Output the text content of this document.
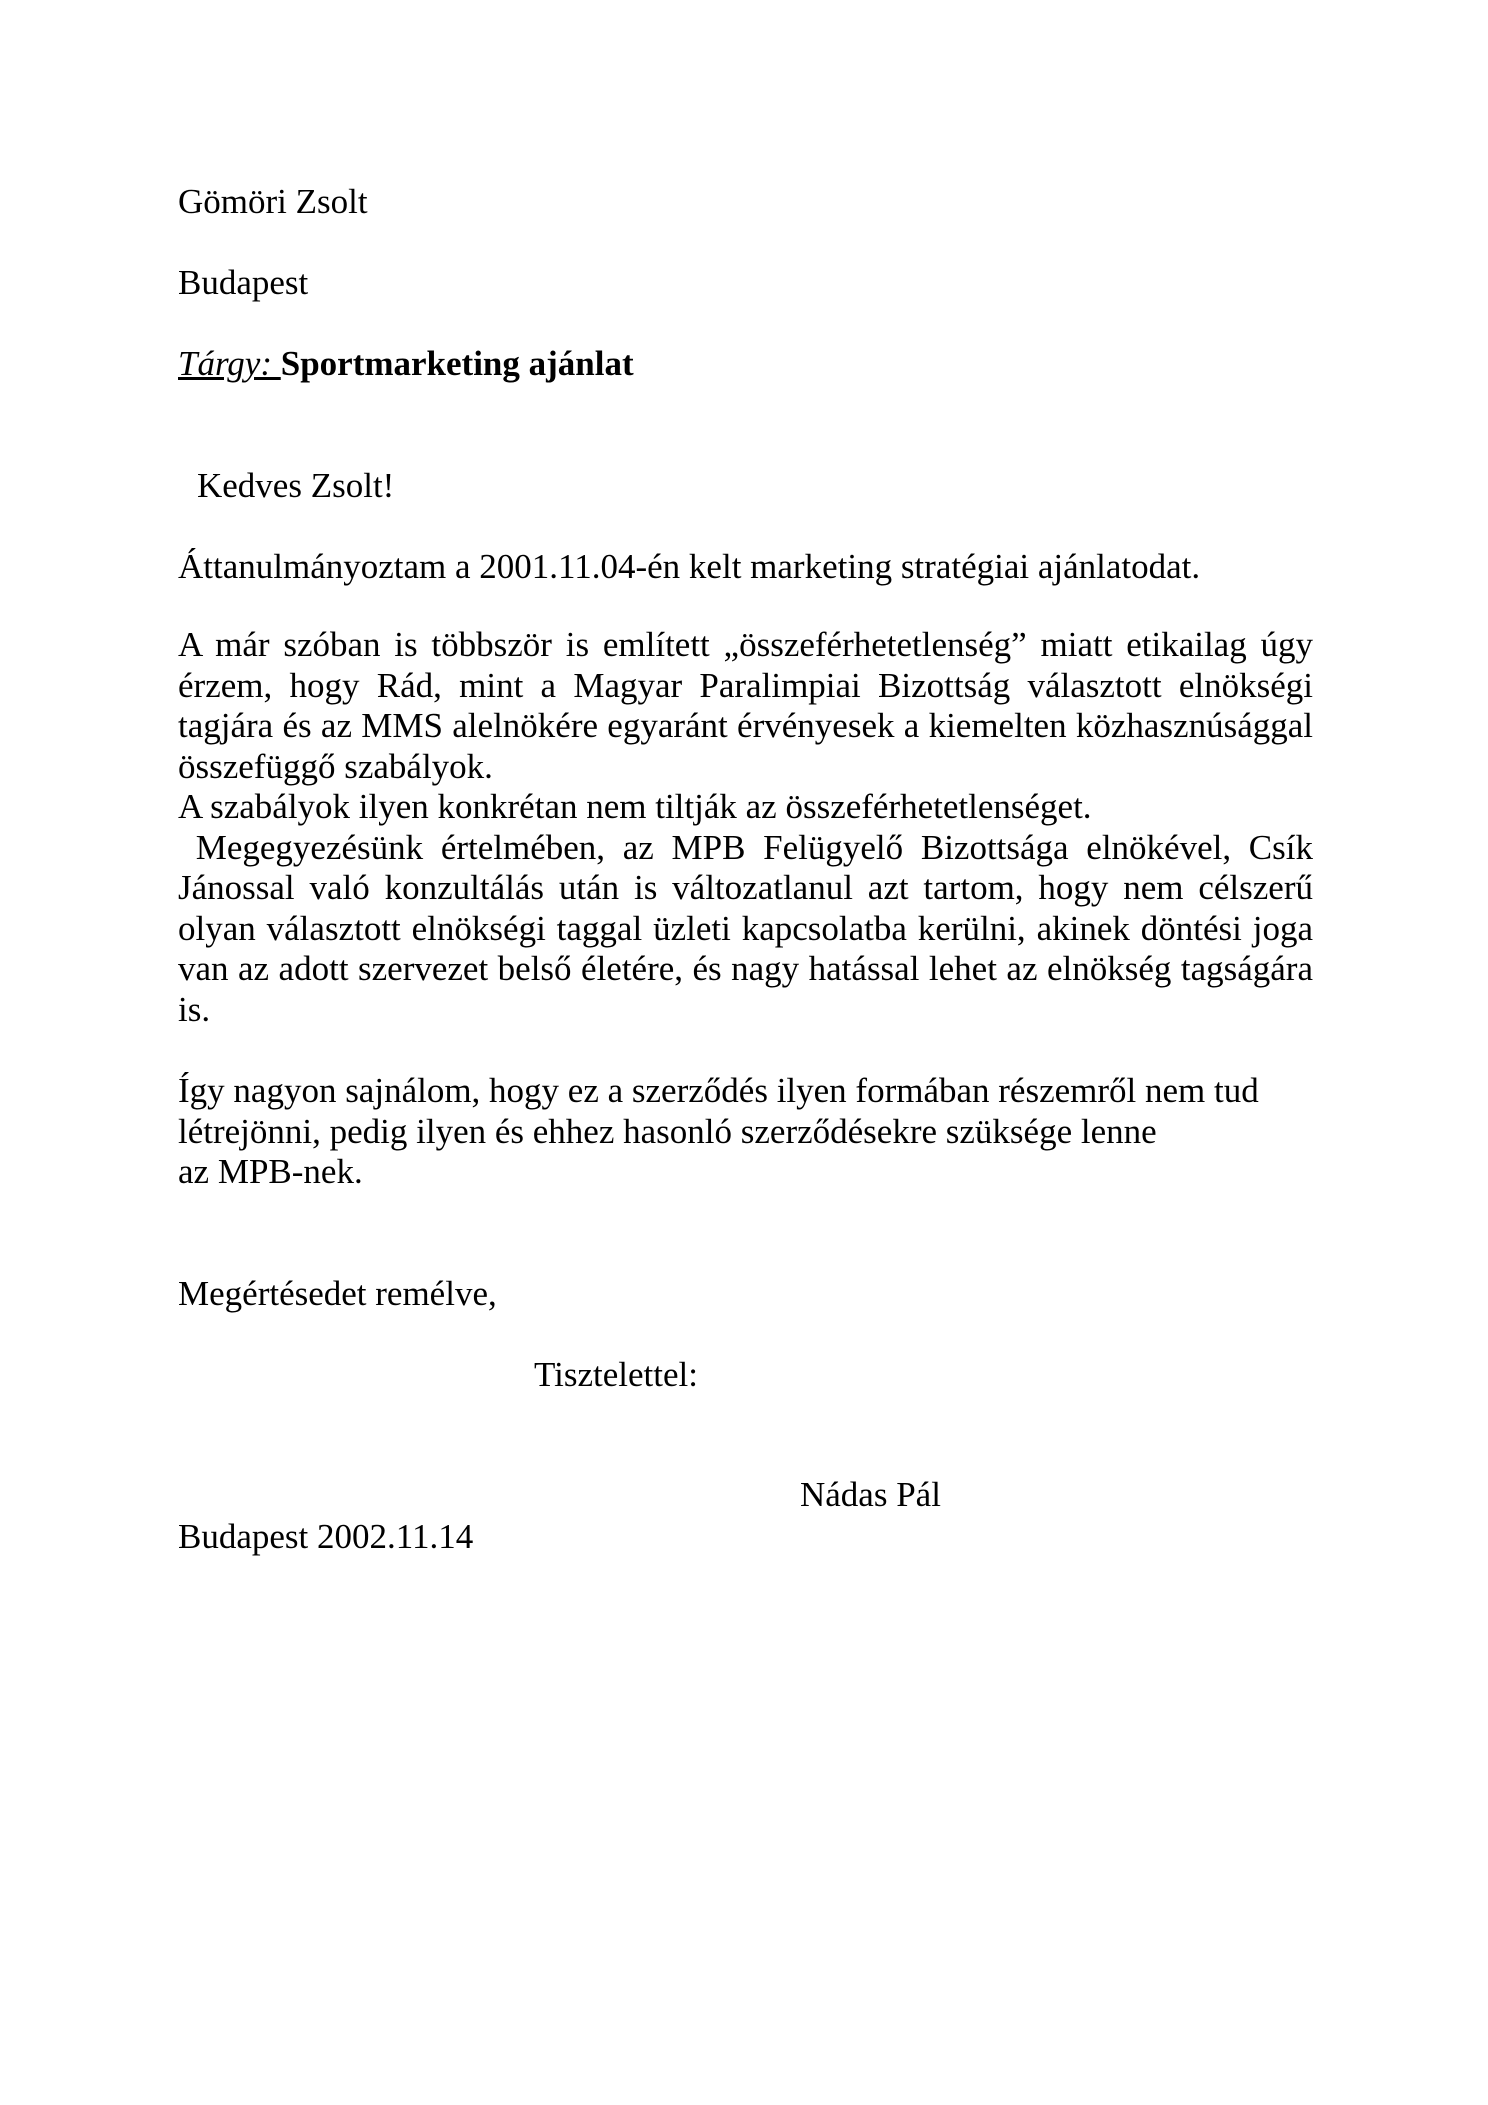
Gömöri Zsolt
Budapest
Tárgy: Sportmarketing ajánlat
Kedves Zsolt!
Áttanulmányoztam a 2001.11.04-én kelt marketing stratégiai ajánlatodat.
A már szóban is többször is említett „összeférhetetlenség” miatt etikailag úgy
érzem, hogy Rád, mint a Magyar Paralimpiai Bizottság választott elnökségi
tagjára és az MMS alelnökére egyaránt érvényesek a kiemelten közhasznúsággal
összefüggő szabályok.
A szabályok ilyen konkrétan nem tiltják az összeférhetetlenséget.
Megegyezésünk értelmében, az MPB Felügyelő Bizottsága elnökével, Csík
Jánossal való konzultálás után is változatlanul azt tartom, hogy nem célszerű
olyan választott elnökségi taggal üzleti kapcsolatba kerülni, akinek döntési joga
van az adott szervezet belső életére, és nagy hatással lehet az elnökség tagságára
is.
Így nagyon sajnálom, hogy ez a szerződés ilyen formában részemről nem tud
létrejönni, pedig ilyen és ehhez hasonló szerződésekre szüksége lenne
az MPB-nek.
Megértésedet remélve,
Tisztelettel:
Nádas Pál
Budapest 2002.11.14
